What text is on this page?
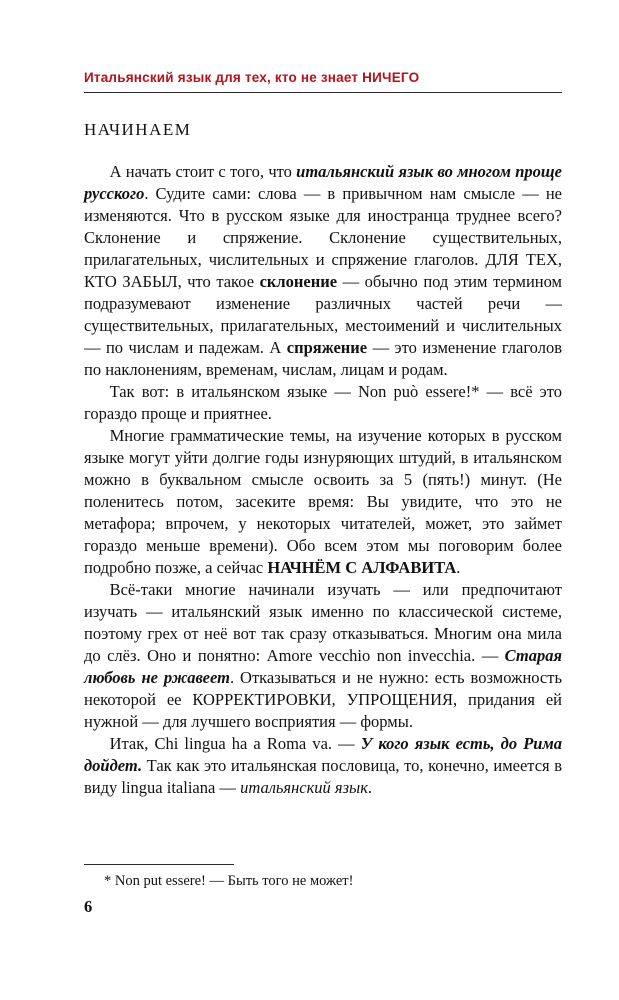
Итальянский язык для тех, кто не знает НИЧЕГО
НАЧИНАЕМ

А начать стоит с того, что итальянский язык во многом проще русского. Судите сами: слова — в привычном нам смысле — не изменяются. Что в русском языке для иностранца труднее всего? Склонение и спряжение. Склонение существительных, прилагательных, числительных и спряжение глаголов. ДЛЯ ТЕХ, КТО ЗАБЫЛ, что такое склонение — обычно под этим термином подразумевают изменение различных частей речи — существительных, прилагательных, местоимений и числительных — по числам и падежам. А спряжение — это изменение глаголов по наклонениям, временам, числам, лицам и родам.

Так вот: в итальянском языке — Non può essere!* — всё это гораздо проще и приятнее.

Многие грамматические темы, на изучение которых в русском языке могут уйти долгие годы изнуряющих штудий, в итальянском можно в буквальном смысле освоить за 5 (пять!) минут. (Не поленитесь потом, засеките время: Вы увидите, что это не метафора; впрочем, у некоторых читателей, может, это займет гораздо меньше времени). Обо всем этом мы поговорим более подробно позже, а сейчас НАЧНЁМ С АЛФАВИТА.

Всё-таки многие начинали изучать — или предпочитают изучать — итальянский язык именно по классической системе, поэтому грех от неё вот так сразу отказываться. Многим она мила до слёз. Оно и понятно: Amore vecchio non invecchia. — Старая любовь не ржавеет. Отказываться и не нужно: есть возможность некоторой ее КОРРЕКТИРОВКИ, УПРОЩЕНИЯ, придания ей нужной — для лучшего восприятия — формы.

Итак, Chi lingua ha a Roma va. — У кого язык есть, до Рима дойдет. Так как это итальянская пословица, то, конечно, имеется в виду lingua italiana — итальянский язык.

* Non put essere! — Быть того не может!
6
